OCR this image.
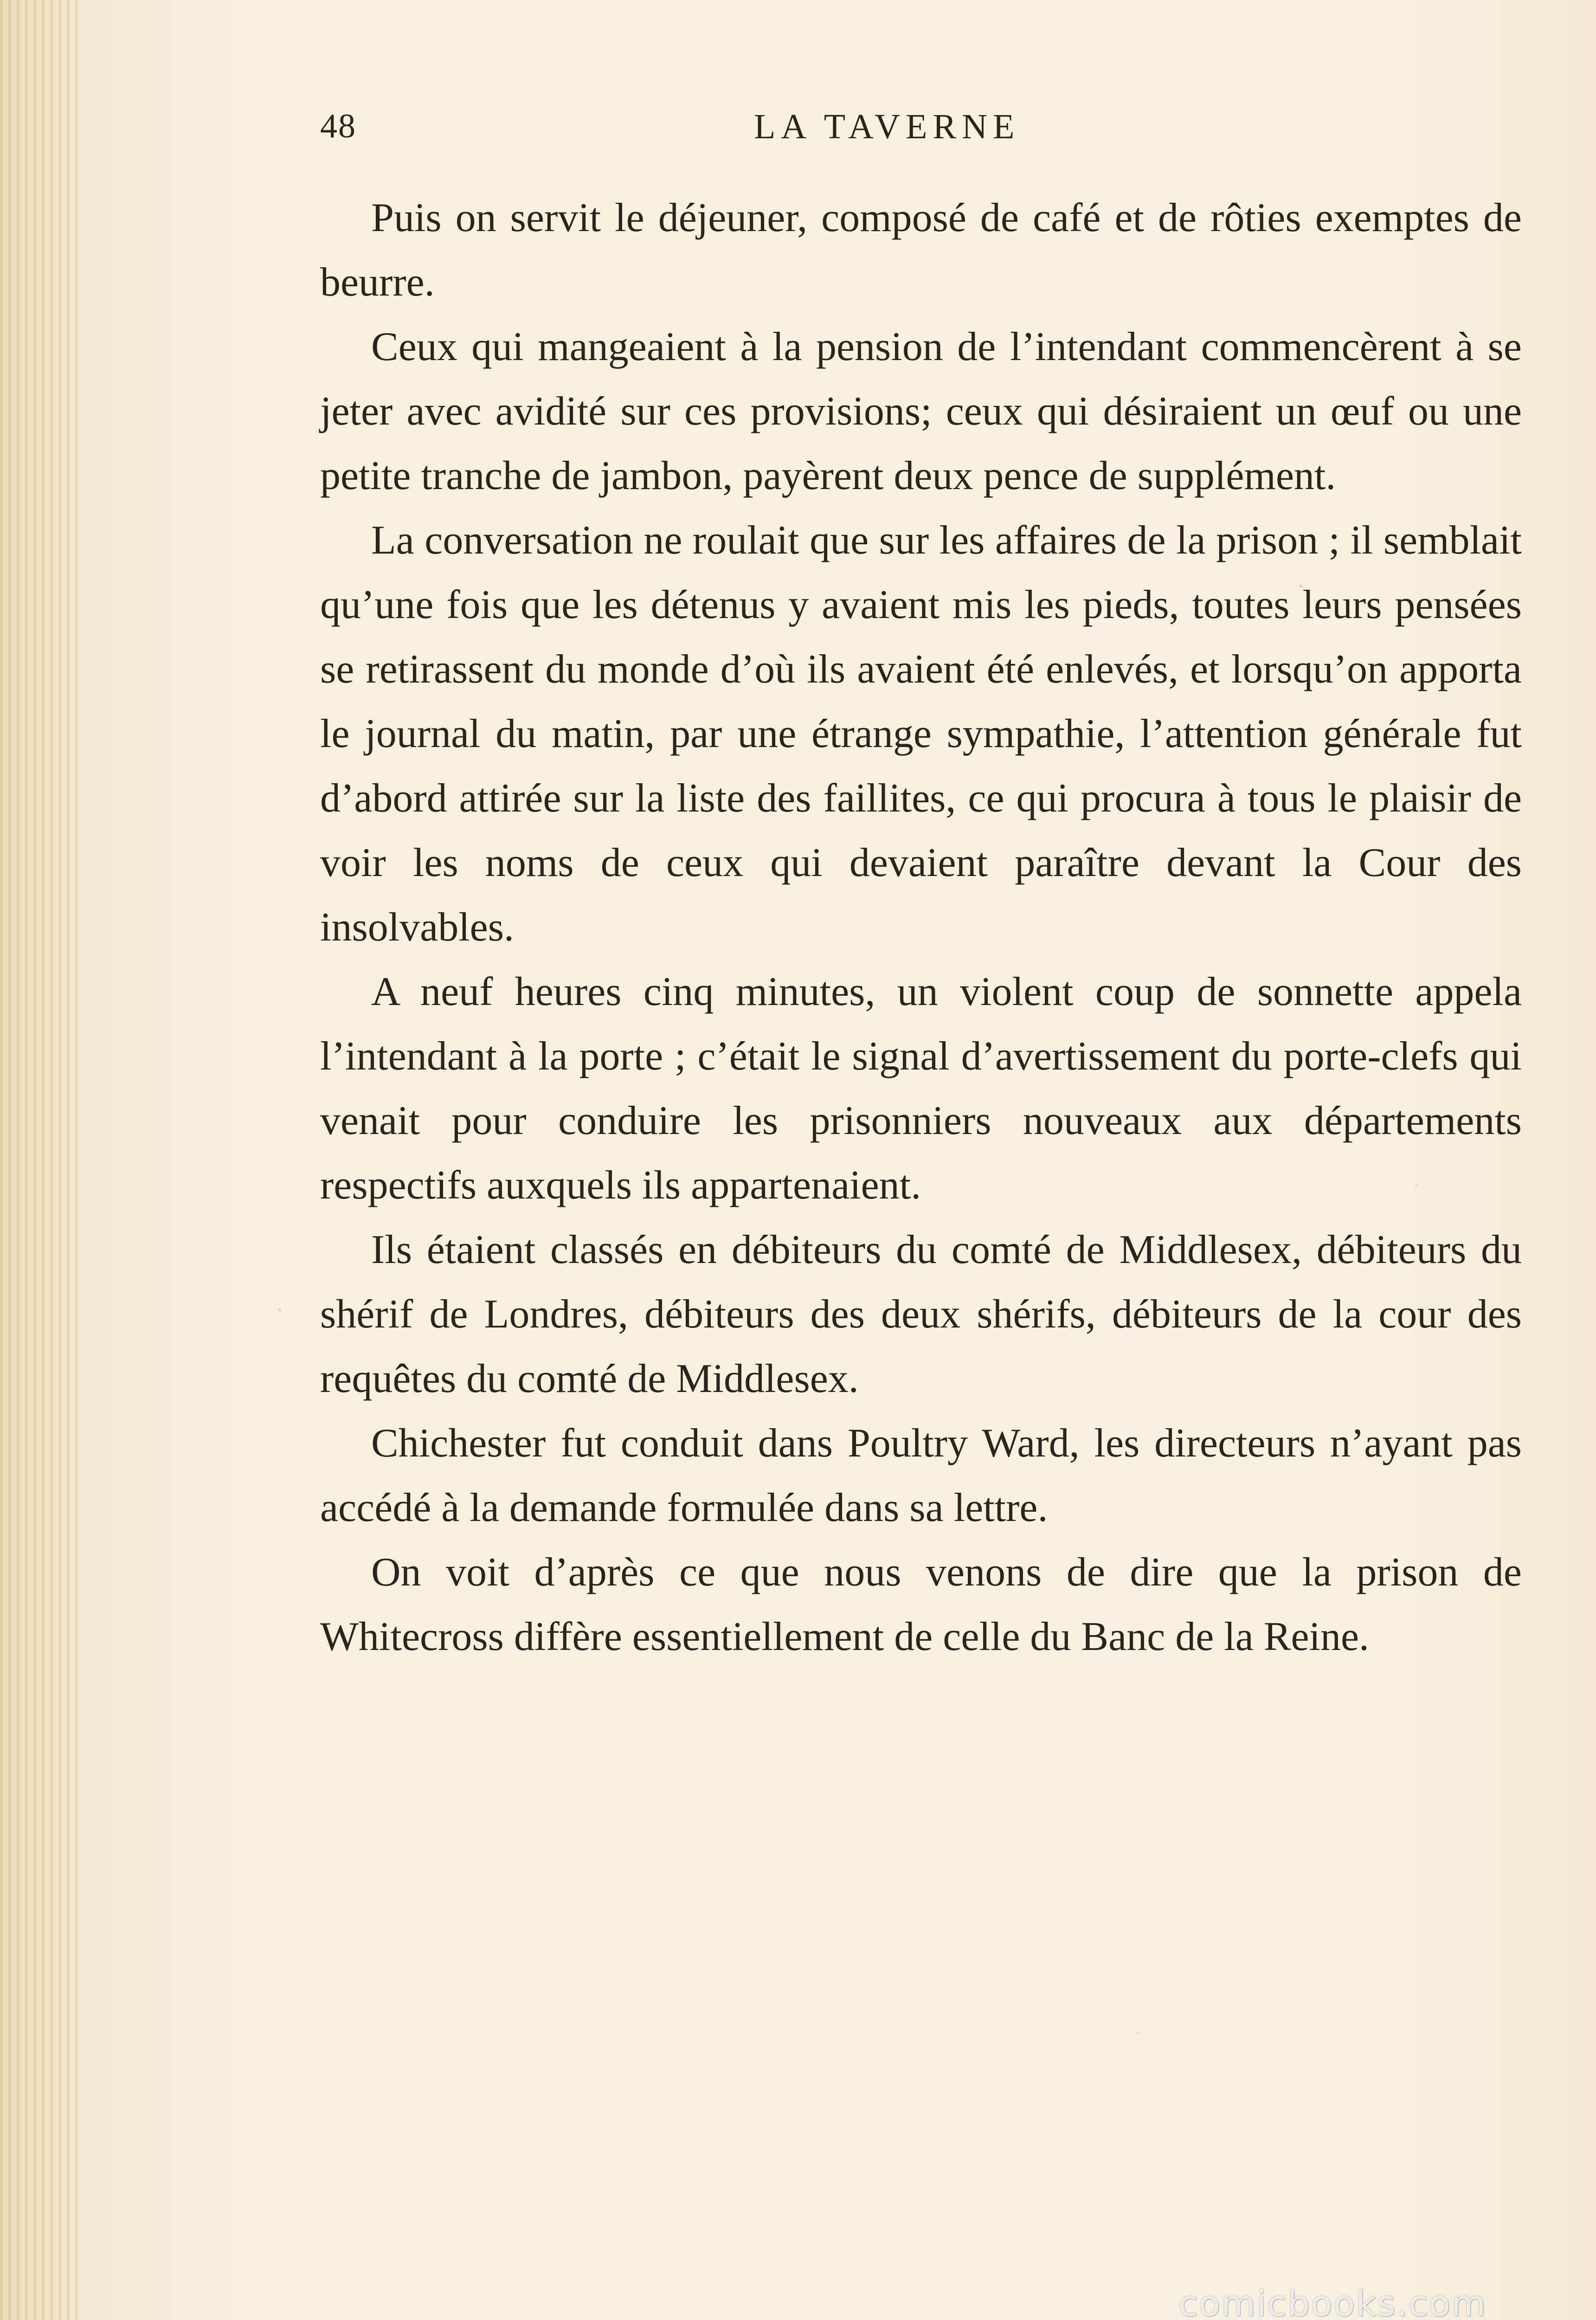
48	LA TAVERNE

Puis on servit le déjeuner, composé de café et de rôties exemptes de beurre.

Ceux qui mangeaient à la pension de l’intendant commencèrent à se jeter avec avidité sur ces provisions; ceux qui désiraient un œuf ou une petite tranche de jambon, payèrent deux pence de supplément.

La conversation ne roulait que sur les affaires de la prison ; il semblait qu’une fois que les détenus y avaient mis les pieds, toutes leurs pensées se retirassent du monde d’où ils avaient été enlevés, et lorsqu’on apporta le journal du matin, par une étrange sympathie, l’attention générale fut d’abord attirée sur la liste des faillites, ce qui procura à tous le plaisir de voir les noms de ceux qui devaient paraître devant la Cour des insolvables.

A neuf heures cinq minutes, un violent coup de sonnette appela l’intendant à la porte ; c’était le signal d’avertissement du porte-clefs qui venait pour conduire les prisonniers nouveaux aux départements respectifs auxquels ils appartenaient.

Ils étaient classés en débiteurs du comté de Middlesex, débiteurs du shérif de Londres, débiteurs des deux shérifs, débiteurs de la cour des requêtes du comté de Middlesex.

Chichester fut conduit dans Poultry Ward, les directeurs n’ayant pas accédé à la demande formulée dans sa lettre.

On voit d’après ce que nous venons de dire que la prison de Whitecross diffère essentiellement de celle du Banc de la Reine.

comicbooks.com
